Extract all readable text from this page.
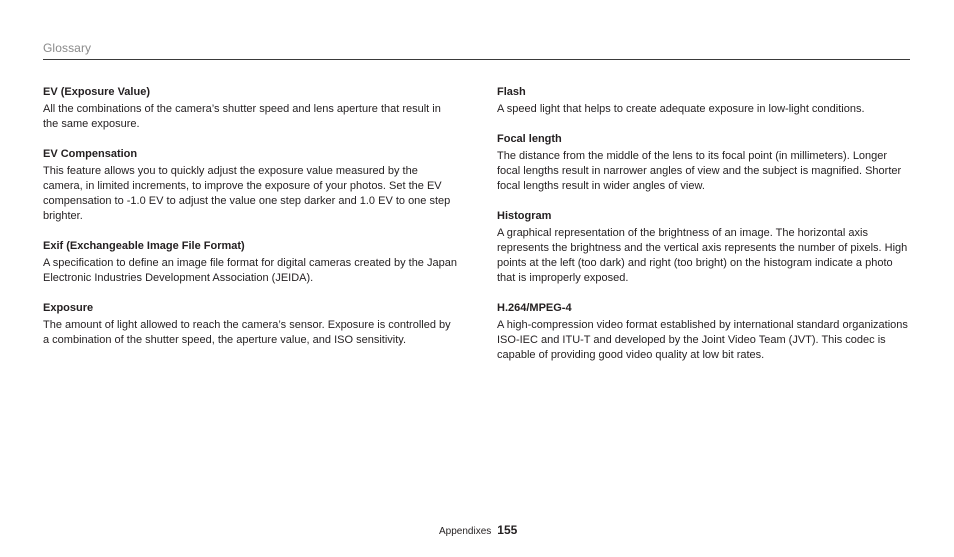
Glossary

EV (Exposure Value)

All the combinations of the camera’s shutter speed and lens aperture that result in the same exposure.

EV Compensation

This feature allows you to quickly adjust the exposure value measured by the camera, in limited increments, to improve the exposure of your photos. Set the EV compensation to -1.0 EV to adjust the value one step darker and 1.0 EV to one step brighter.

Exif (Exchangeable Image File Format)

A specification to define an image file format for digital cameras created by the Japan Electronic Industries Development Association (JEIDA).

Exposure

The amount of light allowed to reach the camera’s sensor. Exposure is controlled by a combination of the shutter speed, the aperture value, and ISO sensitivity.

Flash

A speed light that helps to create adequate exposure in low-light conditions.

Focal length

The distance from the middle of the lens to its focal point (in millimeters). Longer focal lengths result in narrower angles of view and the subject is magnified. Shorter focal lengths result in wider angles of view.

Histogram

A graphical representation of the brightness of an image. The horizontal axis represents the brightness and the vertical axis represents the number of pixels. High points at the left (too dark) and right (too bright) on the histogram indicate a photo that is improperly exposed.

H.264/MPEG-4

A high-compression video format established by international standard organizations ISO-IEC and ITU-T and developed by the Joint Video Team (JVT). This codec is capable of providing good video quality at low bit rates.

Appendixes 155
